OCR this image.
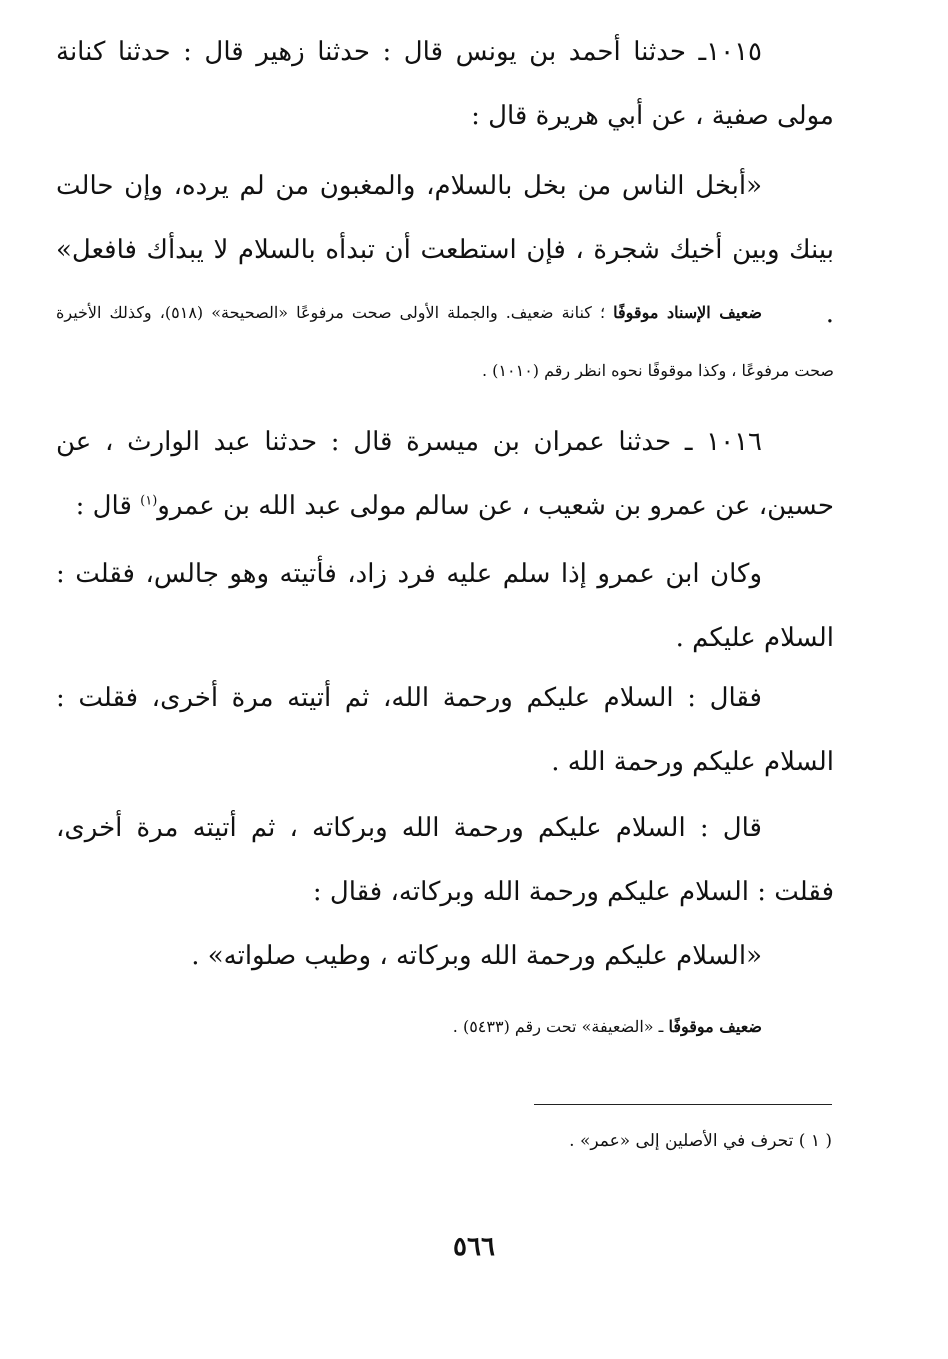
١٠١٥ـ حدثنا أحمد بن يونس قال : حدثنا زهير قال : حدثنا كنانة مولى صفية ، عن أبي هريرة قال :

«أبخل الناس من بخل بالسلام، والمغبون من لم يرده، وإن حالت بينك وبين أخيك شجرة ، فإن استطعت أن تبدأه بالسلام لا يبدأك فافعل» .

ضعيف الإسناد موقوفًا ؛ كنانة ضعيف. والجملة الأولى صحت مرفوعًا «الصحيحة» (٥١٨)، وكذلك الأخيرة صحت مرفوعًا ، وكذا موقوفًا نحوه انظر رقم (١٠١٠) .

١٠١٦ ـ حدثنا عمران بن ميسرة قال : حدثنا عبد الوارث ، عن حسين، عن عمرو بن شعيب ، عن سالم مولى عبد الله بن عمرو$^{(١)}$ قال :

وكان ابن عمرو إذا سلم عليه فرد زاد، فأتيته وهو جالس، فقلت : السلام عليكم .

فقال : السلام عليكم ورحمة الله، ثم أتيته مرة أخرى، فقلت : السلام عليكم ورحمة الله .

قال : السلام عليكم ورحمة الله وبركاته ، ثم أتيته مرة أخرى، فقلت : السلام عليكم ورحمة الله وبركاته، فقال :

«السلام عليكم ورحمة الله وبركاته ، وطيب صلواته» .

ضعيف موقوفًا ـ «الضعيفة» تحت رقم (٥٤٣٣) .

( ١ ) تحرف في الأصلين إلى «عمر» .
٥٦٦
